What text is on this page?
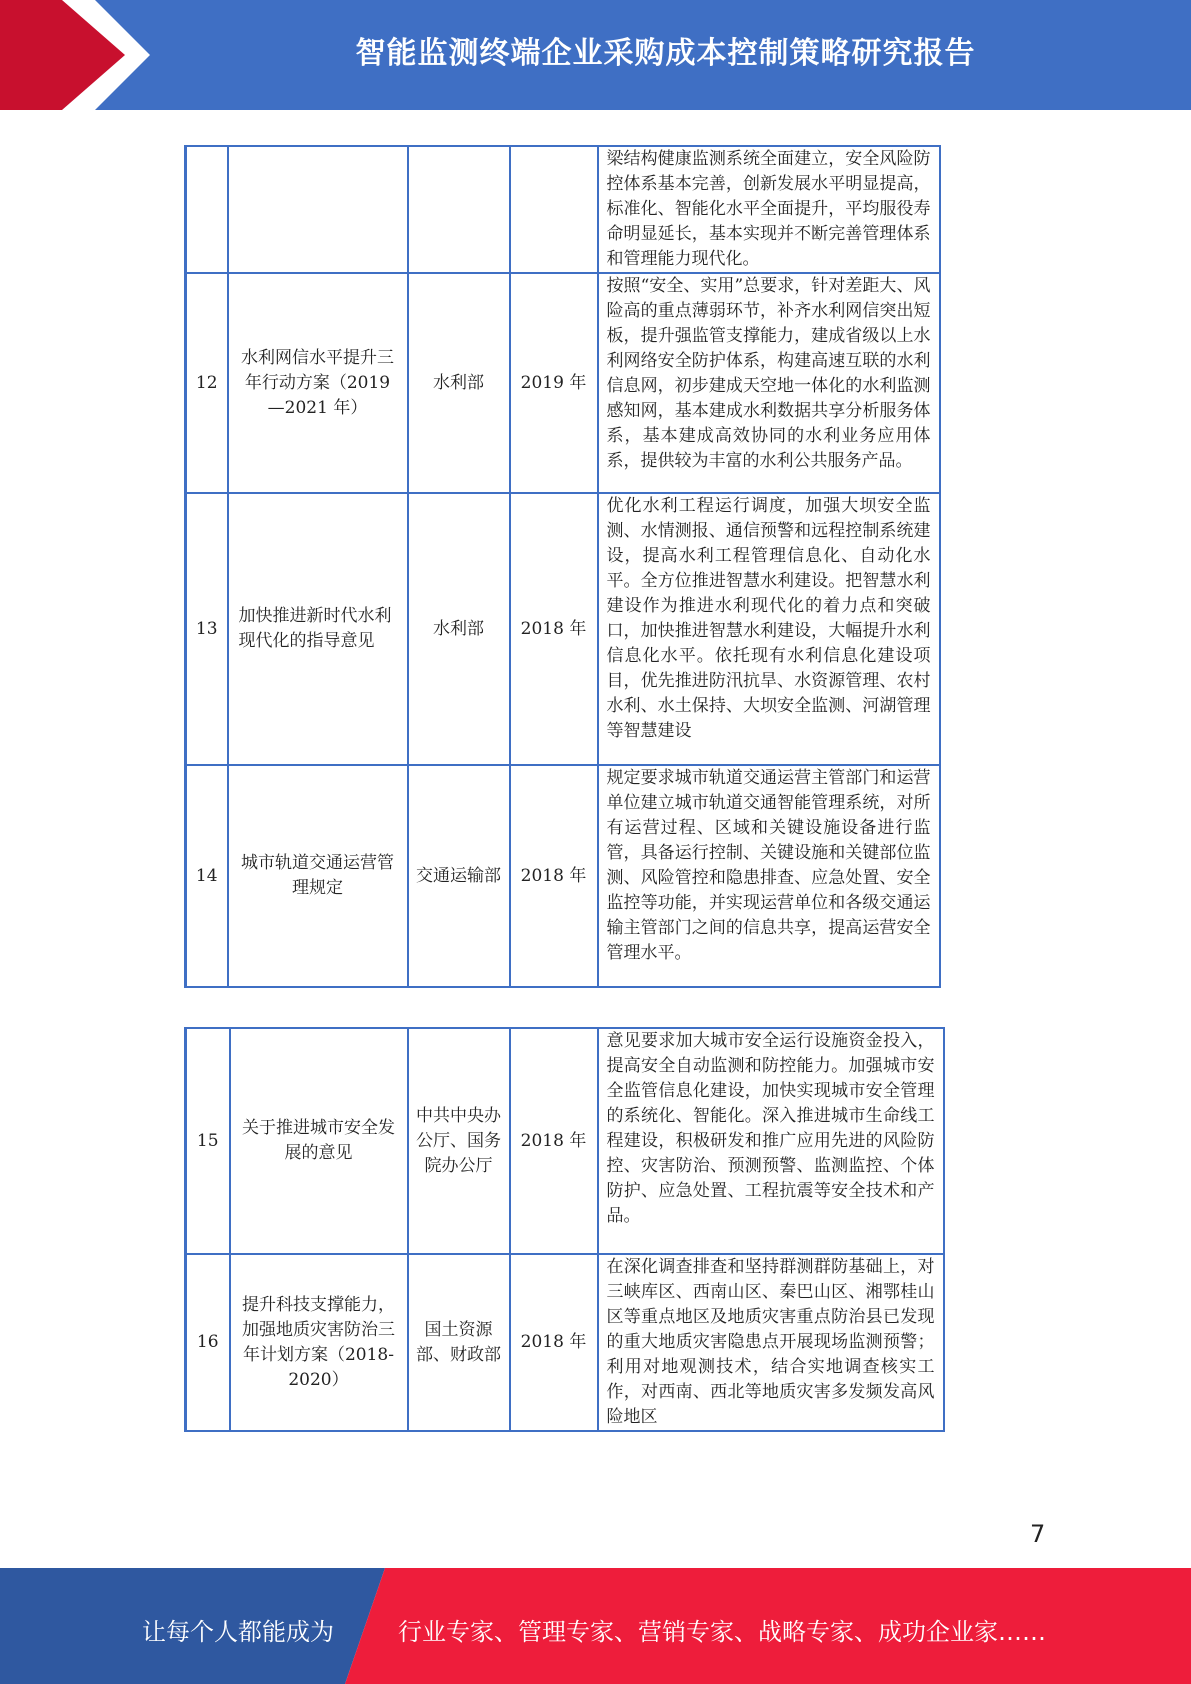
智能监测终端企业采购成本控制策略研究报告
				梁结构健康监测系统全面建立，安全风险防控体系基本完善，创新发展水平明显提高，标准化、智能化水平全面提升，平均服役寿命明显延长，基本实现并不断完善管理体系和管理能力现代化。
12	水利网信水平提升三年行动方案（2019—2021 年）	水利部	2019 年	按照“安全、实用”总要求，针对差距大、风险高的重点薄弱环节，补齐水利网信突出短板，提升强监管支撑能力，建成省级以上水利网络安全防护体系，构建高速互联的水利信息网，初步建成天空地一体化的水利监测感知网，基本建成水利数据共享分析服务体系，基本建成高效协同的水利业务应用体系，提供较为丰富的水利公共服务产品。
13	加快推进新时代水利现代化的指导意见	水利部	2018 年	优化水利工程运行调度，加强大坝安全监测、水情测报、通信预警和远程控制系统建设，提高水利工程管理信息化、自动化水平。全方位推进智慧水利建设。把智慧水利建设作为推进水利现代化的着力点和突破口，加快推进智慧水利建设，大幅提升水利信息化水平。依托现有水利信息化建设项目，优先推进防汛抗旱、水资源管理、农村水利、水土保持、大坝安全监测、河湖管理等智慧建设
14	城市轨道交通运营管理规定	交通运输部	2018 年	规定要求城市轨道交通运营主管部门和运营单位建立城市轨道交通智能管理系统，对所有运营过程、区域和关键设施设备进行监管，具备运行控制、关键设施和关键部位监测、风险管控和隐患排查、应急处置、安全监控等功能，并实现运营单位和各级交通运输主管部门之间的信息共享，提高运营安全管理水平。
15	关于推进城市安全发展的意见	中共中央办公厅、国务院办公厅	2018 年	意见要求加大城市安全运行设施资金投入，提高安全自动监测和防控能力。加强城市安全监管信息化建设，加快实现城市安全管理的系统化、智能化。深入推进城市生命线工程建设，积极研发和推广应用先进的风险防控、灾害防治、预测预警、监测监控、个体防护、应急处置、工程抗震等安全技术和产品。
16	提升科技支撑能力，加强地质灾害防治三年计划方案（2018-2020）	国土资源部、财政部	2018 年	在深化调查排查和坚持群测群防基础上，对三峡库区、西南山区、秦巴山区、湘鄂桂山区等重点地区及地质灾害重点防治县已发现的重大地质灾害隐患点开展现场监测预警；利用对地观测技术，结合实地调查核实工作，对西南、西北等地质灾害多发频发高风险地区
7
让每个人都能成为	行业专家、管理专家、营销专家、战略专家、成功企业家……
